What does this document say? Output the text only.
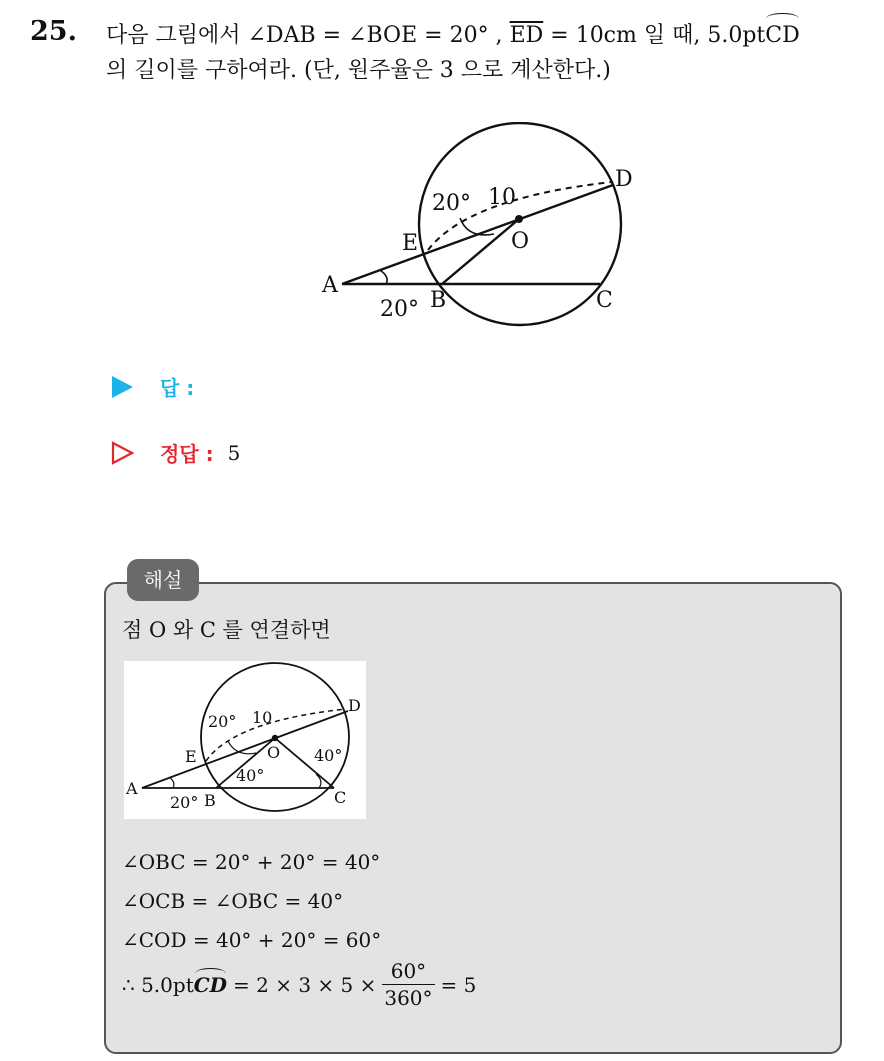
25. 다음 그림에서 ∠DAB = ∠BOE = 20° , $\overline{ED} = 10cm$ 일 때, 5.0ptCD

의 길이를 구하여라. (단, 원주율은 3 으로 계산한다.)

A
B	C
D
E	O
20° 10
20°
답 :
정답 : 5
해설
점 O 와 C 를 연결하면
A
B	C
D
E	O
20° 10
20°
40°
40°
∠OBC = 20° + 20° = 40°
∠OCB = ∠OBC = 40°
∠COD = 40° + 20° = 60°
∴ 5.0pt CD = $2 \times 3 \times 5 \times \frac{60^\circ}{360^\circ} = 5$
